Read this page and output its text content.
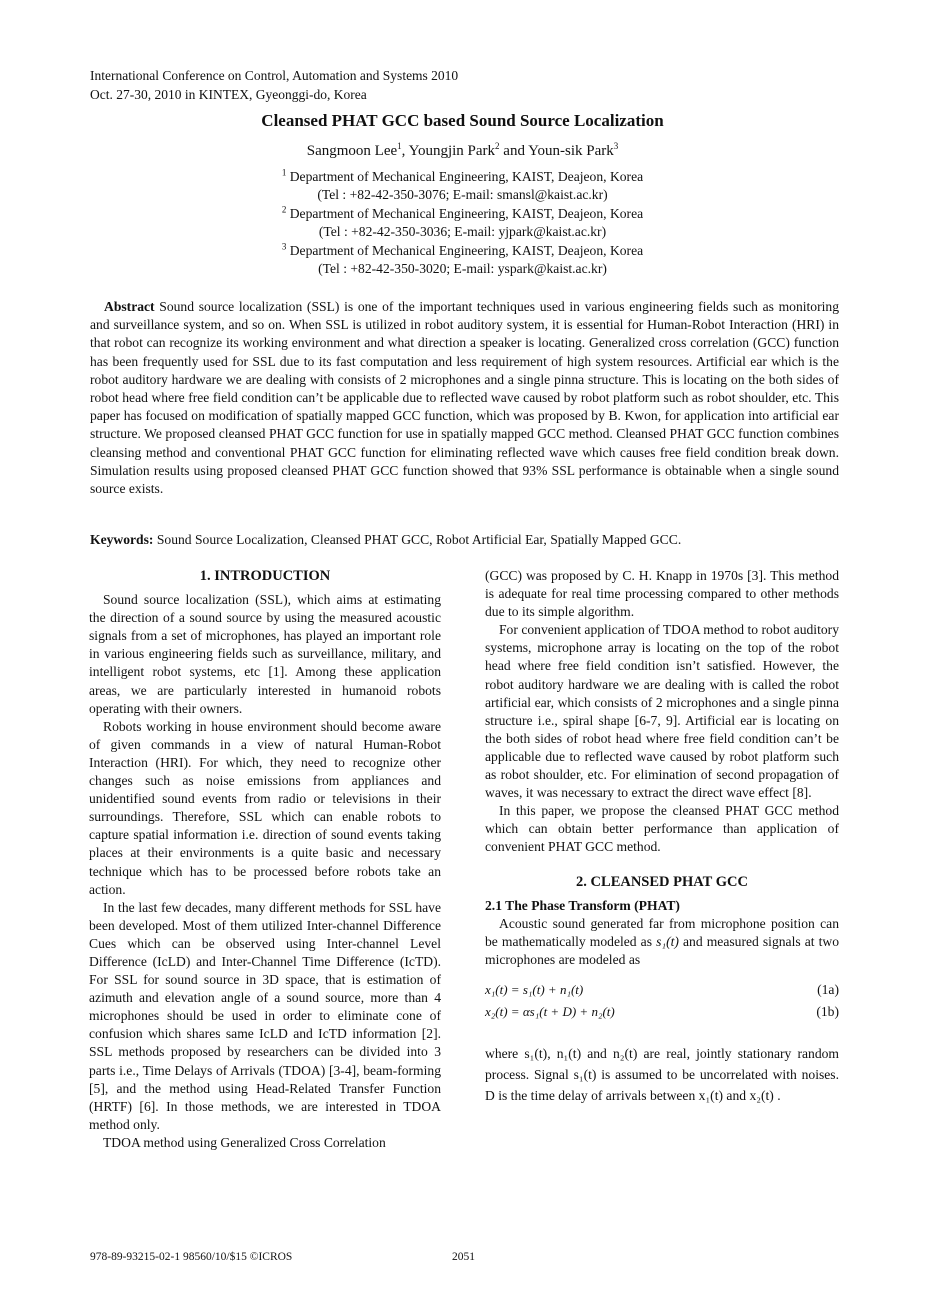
International Conference on Control, Automation and Systems 2010
Oct. 27-30, 2010 in KINTEX, Gyeonggi-do, Korea
Cleansed PHAT GCC based Sound Source Localization
Sangmoon Lee$^1$, Youngjin Park$^2$ and Youn-sik Park$^3$
$^1$ Department of Mechanical Engineering, KAIST, Deajeon, Korea
(Tel : +82-42-350-3076; E-mail: smansl@kaist.ac.kr)
$^2$ Department of Mechanical Engineering, KAIST, Deajeon, Korea
(Tel : +82-42-350-3036; E-mail: yjpark@kaist.ac.kr)
$^3$ Department of Mechanical Engineering, KAIST, Deajeon, Korea
(Tel : +82-42-350-3020; E-mail: yspark@kaist.ac.kr)
Abstract Sound source localization (SSL) is one of the important techniques used in various engineering fields such as monitoring and surveillance system, and so on. When SSL is utilized in robot auditory system, it is essential for Human-Robot Interaction (HRI) in that robot can recognize its working environment and what direction a speaker is locating. Generalized cross correlation (GCC) function has been frequently used for SSL due to its fast computation and less requirement of high system resources. Artificial ear which is the robot auditory hardware we are dealing with consists of 2 microphones and a single pinna structure. This is locating on the both sides of robot head where free field condition can’t be applicable due to reflected wave caused by robot platform such as robot shoulder, etc. This paper has focused on modification of spatially mapped GCC function, which was proposed by B. Kwon, for application into artificial ear structure. We proposed cleansed PHAT GCC function for use in spatially mapped GCC method. Cleansed PHAT GCC function combines cleansing method and conventional PHAT GCC function for eliminating reflected wave which causes free field condition break down. Simulation results using proposed cleansed PHAT GCC function showed that 93% SSL performance is obtainable when a single sound source exists.
Keywords: Sound Source Localization, Cleansed PHAT GCC, Robot Artificial Ear, Spatially Mapped GCC.
1. INTRODUCTION

Sound source localization (SSL), which aims at estimating the direction of a sound source by using the measured acoustic signals from a set of microphones, has played an important role in various engineering fields such as surveillance, military, and intelligent robot systems, etc [1]. Among these application areas, we are particularly interested in humanoid robots operating with their owners.

Robots working in house environment should become aware of given commands in a view of natural Human-Robot Interaction (HRI). For which, they need to recognize other changes such as noise emissions from appliances and unidentified sound events from radio or televisions in their surroundings. Therefore, SSL which can enable robots to capture spatial information i.e. direction of sound events taking places at their environments is a quite basic and necessary technique which has to be processed before robots take an action.

In the last few decades, many different methods for SSL have been developed. Most of them utilized Inter-channel Difference Cues which can be observed using Inter-channel Level Difference (IcLD) and Inter-Channel Time Difference (IcTD). For SSL for sound source in 3D space, that is estimation of azimuth and elevation angle of a sound source, more than 4 microphones should be used in order to eliminate cone of confusion which shares same IcLD and IcTD information [2]. SSL methods proposed by researchers can be divided into 3 parts i.e., Time Delays of Arrivals (TDOA) [3-4], beam-forming [5], and the method using Head-Related Transfer Function (HRTF) [6]. In those methods, we are interested in TDOA method only.

TDOA method using Generalized Cross Correlation

(GCC) was proposed by C. H. Knapp in 1970s [3]. This method is adequate for real time processing compared to other methods due to its simple algorithm.

For convenient application of TDOA method to robot auditory systems, microphone array is locating on the top of the robot head where free field condition isn’t satisfied. However, the robot auditory hardware we are dealing with is called the robot artificial ear, which consists of 2 microphones and a single pinna structure i.e., spiral shape [6-7, 9]. Artificial ear is locating on the both sides of robot head where free field condition can’t be applicable due to reflected wave caused by robot platform such as robot shoulder, etc. For elimination of second propagation of waves, it was necessary to extract the direct wave effect [8].

In this paper, we propose the cleansed PHAT GCC method which can obtain better performance than application of convenient PHAT GCC method.

2. CLEANSED PHAT GCC
2.1 The Phase Transform (PHAT)

Acoustic sound generated far from microphone position can be mathematically modeled as s₁(t) and measured signals at two microphones are modeled as

x₁(t) = s₁(t) + n₁(t)	(1a)
x₂(t) = αs₁(t + D) + n₂(t)	(1b)

where s₁(t), n₁(t) and n₂(t) are real, jointly stationary random process. Signal s₁(t) is assumed to be uncorrelated with noises. D is the time delay of arrivals between x₁(t) and x₂(t) .

978-89-93215-02-1 98560/10/$15 ©ICROS	2051
